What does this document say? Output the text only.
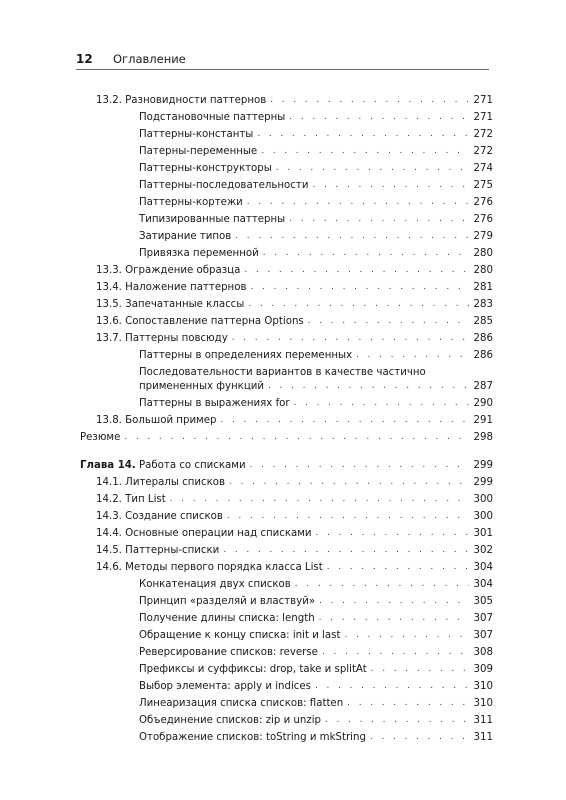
12 Оглавление
13.2. Разновидности паттернов . . .	271
Подстановочные паттерны . . .	271
Паттерны-константы . . .	272
Патерны-переменные . . .	272
Паттерны-конструкторы . . .	274
Паттерны-последовательности . . .	275
Паттерны-кортежи . . .	276
Типизированные паттерны . . .	276
Затирание типов . . .	279
Привязка переменной . . .	280
13.3. Ограждение образца . . .	280
13.4. Наложение паттернов . . .	281
13.5. Запечатанные классы . . .	283
13.6. Сопоставление паттерна Options . . .	285
13.7. Паттерны повсюду . . .	286
Паттерны в определениях переменных . . .	286
Последовательности вариантов в качестве частично
примененных функций . . .	287
Паттерны в выражениях for . . .	290
13.8. Большой пример . . .	291
Резюме . . .	298
Глава 14. Работа со списками . . .	299
14.1. Литералы списков . . .	299
14.2. Тип List . . .	300
14.3. Создание списков . . .	300
14.4. Основные операции над списками . . .	301
14.5. Паттерны-списки . . .	302
14.6. Методы первого порядка класса List . . .	304
Конкатенация двух списков . . .	304
Принцип «разделяй и властвуй» . . .	305
Получение длины списка: length . . .	307
Обращение к концу списка: init и last . . .	307
Реверсирование списков: reverse . . .	308
Префиксы и суффиксы: drop, take и splitAt . . .	309
Выбор элемента: apply и indices . . .	310
Линеаризация списка списков: flatten . . .	310
Объединение списков: zip и unzip . . .	311
Отображение списков: toString и mkString . . .	311
